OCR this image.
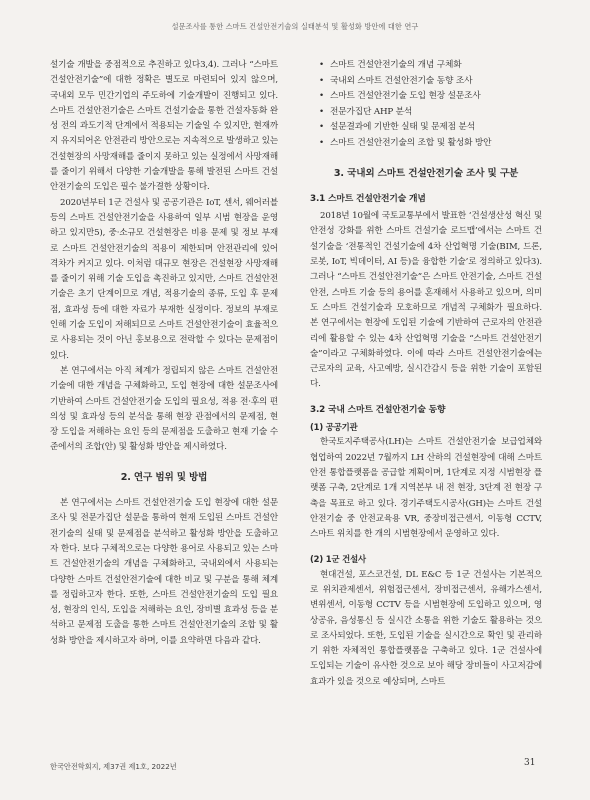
설문조사를 통한 스마트 건설안전기술의 실태분석 및 활성화 방안에 대한 연구

설기술 개발을 중점적으로 추진하고 있다3,4). 그러나 “스마트 건설안전기술”에 대한 정확은 별도로 마련되어 있지 않으며, 국내외 모두 민간기업의 주도하에 기술개발이 진행되고 있다. 스마트 건설안전기술은 스마트 건설기술을 통한 건설자동화 완성 전의 과도기적 단계에서 적용되는 기술일 수 있지만, 현재까지 유지되어온 안전관리 방안으로는 지속적으로 발생하고 있는 건설현장의 사망재해를 줄이지 못하고 있는 실정에서 사망재해를 줄이기 위해서 다양한 기술개발을 통해 발전된 스마트 건설안전기술의 도입은 필수 불가결한 상황이다.

2020년부터 1군 건설사 및 공공기관은 IoT, 센서, 웨어러블 등의 스마트 건설안전기술을 사용하여 일부 시범 현장을 운영하고 있지만5), 중·소규모 건설현장은 비용 문제 및 정보 부재로 스마트 건설안전기술의 적용이 제한되며 안전관리에 있어 격차가 커지고 있다. 이처럼 대규모 현장은 건설현장 사망재해를 줄이기 위해 기술 도입을 촉진하고 있지만, 스마트 건설안전기술은 초기 단계이므로 개념, 적용기술의 종류, 도입 후 문제점, 효과성 등에 대한 자료가 부재한 실정이다. 정보의 부재로 인해 기술 도입이 저해되므로 스마트 건설안전기술이 효율적으로 사용되는 것이 아닌 홍보용으로 전락할 수 있다는 문제점이 있다.

본 연구에서는 아직 체계가 정립되지 않은 스마트 건설안전기술에 대한 개념을 구체화하고, 도입 현장에 대한 설문조사에 기반하여 스마트 건설안전기술 도입의 필요성, 적용 전·후의 편의성 및 효과성 등의 분석을 통해 현장 관점에서의 문제점, 현장 도입을 저해하는 요인 등의 문제점을 도출하고 현재 기술 수준에서의 조합(안) 및 활성화 방안을 제시하였다.

2. 연구 범위 및 방법

본 연구에서는 스마트 건설안전기술 도입 현장에 대한 설문조사 및 전문가집단 설문을 통하여 현재 도입된 스마트 건설안전기술의 실태 및 문제점을 분석하고 활성화 방안을 도출하고자 한다. 보다 구체적으로는 다양한 용어로 사용되고 있는 스마트 건설안전기술의 개념을 구체화하고, 국내외에서 사용되는 다양한 스마트 건설안전기술에 대한 비교 및 구분을 통해 체계를 정립하고자 한다. 또한, 스마트 건설안전기술의 도입 필요성, 현장의 인식, 도입을 저해하는 요인, 장비별 효과성 등을 분석하고 문제점 도출을 통한 스마트 건설안전기술의 조합 및 활성화 방안을 제시하고자 하며, 이를 요약하면 다음과 같다.

• 스마트 건설안전기술의 개념 구체화
• 국내외 스마트 건설안전기술 동향 조사
• 스마트 건설안전기술 도입 현장 설문조사
• 전문가집단 AHP 분석
• 설문결과에 기반한 실태 및 문제점 분석
• 스마트 건설안전기술의 조합 및 활성화 방안
3. 국내외 스마트 건설안전기술 조사 및 구분
3.1 스마트 건설안전기술 개념

2018년 10월에 국토교통부에서 발표한 ‘건설생산성 혁신 및 안전성 강화를 위한 스마트 건설기술 로드맵’에서는 스마트 건설기술을 ‘전통적인 건설기술에 4차 산업혁명 기술(BIM, 드론, 로봇, IoT, 빅데이터, AI 등)을 융합한 기술’로 정의하고 있다3). 그러나 “스마트 건설안전기술”은 스마트 안전기술, 스마트 건설안전, 스마트 기술 등의 용어를 혼재해서 사용하고 있으며, 의미도 스마트 건설기술과 모호하므로 개념적 구체화가 필요하다. 본 연구에서는 현장에 도입된 기술에 기반하여 근로자의 안전관리에 활용할 수 있는 4차 산업혁명 기술을 “스마트 건설안전기술”이라고 구체화하였다. 이에 따라 스마트 건설안전기술에는 근로자의 교육, 사고예방, 실시간감시 등을 위한 기술이 포함된다.

3.2 국내 스마트 건설안전기술 동향
(1) 공공기관

한국토지주택공사(LH)는 스마트 건설안전기술 보급업체와 협업하여 2022년 7월까지 LH 산하의 건설현장에 대해 스마트 안전 통합플랫폼을 공급할 계획이며, 1단계로 지정 시범현장 플랫폼 구축, 2단계로 1개 지역본부 내 전 현장, 3단계 전 현장 구축을 목표로 하고 있다. 경기주택도시공사(GH)는 스마트 건설안전기술 중 안전교육용 VR, 중장비접근센서, 이동형 CCTV, 스마트 위치를 한 개의 시범현장에서 운영하고 있다.

(2) 1군 건설사

현대건설, 포스코건설, DL E&C 등 1군 건설사는 기본적으로 위치관제센서, 위험접근센서, 장비접근센서, 유해가스센서, 변위센서, 이동형 CCTV 등을 시범현장에 도입하고 있으며, 영상공유, 음성통신 등 실시간 소통을 위한 기술도 활용하는 것으로 조사되었다. 또한, 도입된 기술을 실시간으로 확인 및 관리하기 위한 자체적인 통합플랫폼을 구축하고 있다. 1군 건설사에 도입되는 기술이 유사한 것으로 보아 해당 장비들이 사고저감에 효과가 있을 것으로 예상되며, 스마트

한국안전학회지, 제37권 제1호, 2022년	31
